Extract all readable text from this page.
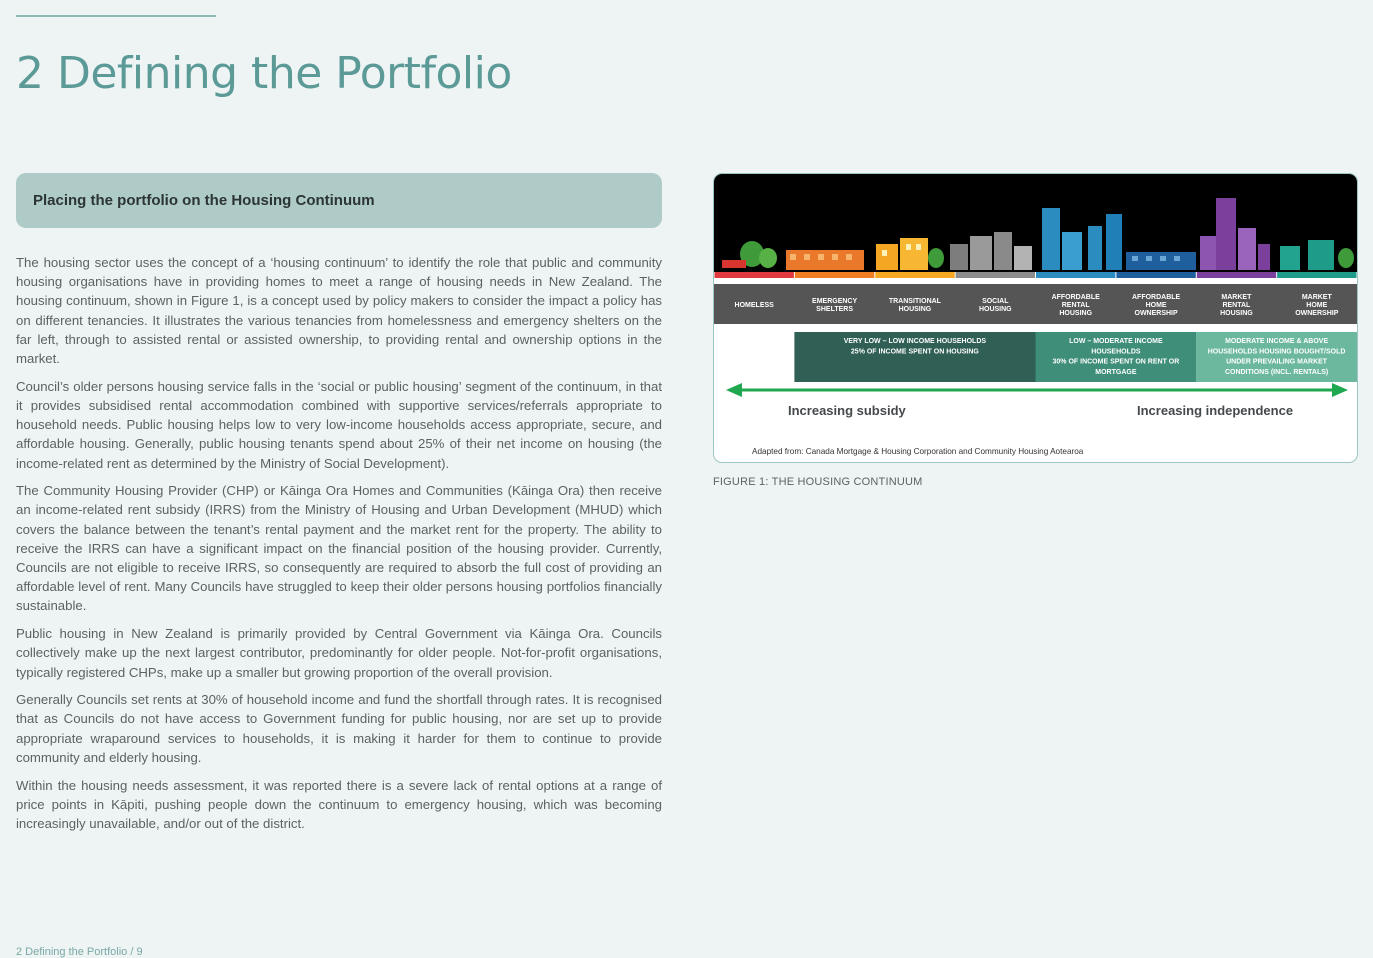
2 Defining the Portfolio
Placing the portfolio on the Housing Continuum

The housing sector uses the concept of a ‘housing continuum’ to identify the role that public and community housing organisations have in providing homes to meet a range of housing needs in New Zealand. The housing continuum, shown in Figure 1, is a concept used by policy makers to consider the impact a policy has on different tenancies. It illustrates the various tenancies from homelessness and emergency shelters on the far left, through to assisted rental or assisted ownership, to providing rental and ownership options in the market.

Council’s older persons housing service falls in the ‘social or public housing’ segment of the continuum, in that it provides subsidised rental accommodation combined with supportive services/referrals appropriate to household needs. Public housing helps low to very low-income households access appropriate, secure, and affordable housing. Generally, public housing tenants spend about 25% of their net income on housing (the income-related rent as determined by the Ministry of Social Development).

The Community Housing Provider (CHP) or Kāinga Ora Homes and Communities (Kāinga Ora) then receive an income-related rent subsidy (IRRS) from the Ministry of Housing and Urban Development (MHUD) which covers the balance between the tenant’s rental payment and the market rent for the property. The ability to receive the IRRS can have a significant impact on the financial position of the housing provider. Currently, Councils are not eligible to receive IRRS, so consequently are required to absorb the full cost of providing an affordable level of rent. Many Councils have struggled to keep their older persons housing portfolios financially sustainable.

Public housing in New Zealand is primarily provided by Central Government via Kāinga Ora. Councils collectively make up the next largest contributor, predominantly for older people. Not-for-profit organisations, typically registered CHPs, make up a smaller but growing proportion of the overall provision.

Generally Councils set rents at 30% of household income and fund the shortfall through rates. It is recognised that as Councils do not have access to Government funding for public housing, nor are set up to provide appropriate wraparound services to households, it is making it harder for them to continue to provide community and elderly housing.

Within the housing needs assessment, it was reported there is a severe lack of rental options at a range of price points in Kāpiti, pushing people down the continuum to emergency housing, which was becoming increasingly unavailable, and/or out of the district.

HOMELESS
EMERGENCY
SHELTERS
TRANSITIONAL
HOUSING
SOCIAL
HOUSING
AFFORDABLE
RENTAL
HOUSING
AFFORDABLE
HOME
OWNERSHIP
MARKET
RENTAL
HOUSING
MARKET
HOME
OWNERSHIP
VERY LOW – LOW INCOME HOUSEHOLDS
25% OF INCOME SPENT ON HOUSING
LOW – MODERATE INCOME
HOUSEHOLDS
30% OF INCOME SPENT ON RENT OR
MORTGAGE
MODERATE INCOME & ABOVE
HOUSEHOLDS HOUSING BOUGHT/SOLD
UNDER PREVAILING MARKET
CONDITIONS (INCL. RENTALS)
Increasing subsidy	Increasing independence
Adapted from: Canada Mortgage & Housing Corporation and Community Housing Aotearoa
FIGURE 1: THE HOUSING CONTINUUM
2 Defining the Portfolio / 9
